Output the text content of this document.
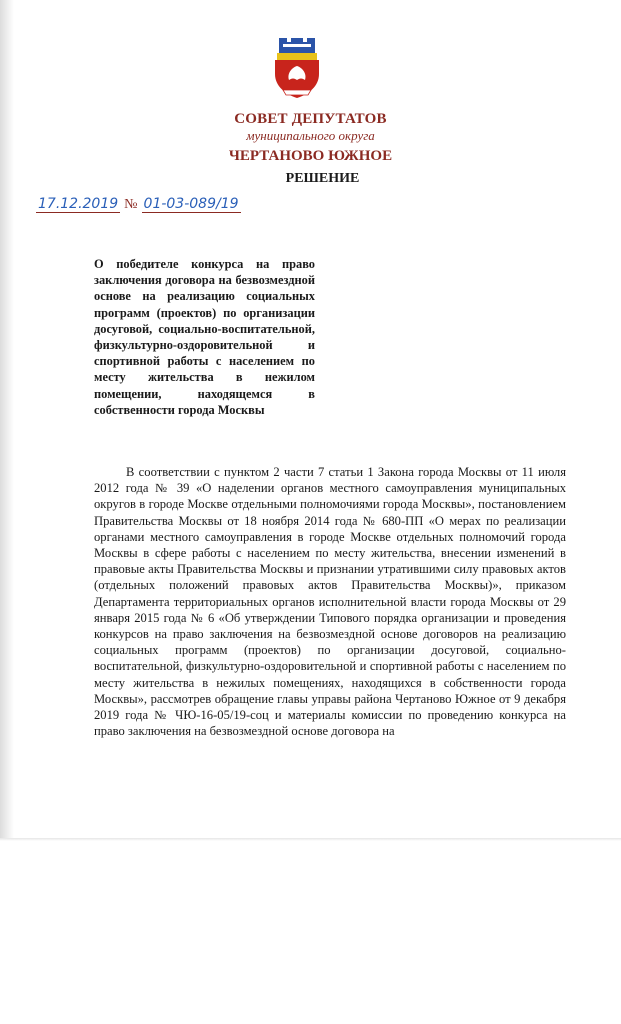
СОВЕТ ДЕПУТАТОВ
муниципального округа
ЧЕРТАНОВО ЮЖНОЕ
РЕШЕНИЕ
17.12.2019 № 01-03-089/19
О победителе конкурса на право заключения договора на безвозмездной основе на реализацию социальных программ (проектов) по организации досуговой, социально-воспитательной, физкультурно-оздоровительной и спортивной работы с населением по месту жительства в нежилом помещении, находящемся в собственности города Москвы
В соответствии с пунктом 2 части 7 статьи 1 Закона города Москвы от 11 июля 2012 года № 39 «О наделении органов местного самоуправления муниципальных округов в городе Москве отдельными полномочиями города Москвы», постановлением Правительства Москвы от 18 ноября 2014 года № 680-ПП «О мерах по реализации органами местного самоуправления в городе Москве отдельных полномочий города Москвы в сфере работы с населением по месту жительства, внесении изменений в правовые акты Правительства Москвы и признании утратившими силу правовых актов (отдельных положений правовых актов Правительства Москвы)», приказом Департамента территориальных органов исполнительной власти города Москвы от 29 января 2015 года № 6 «Об утверждении Типового порядка организации и проведения конкурсов на право заключения на безвозмездной основе договоров на реализацию социальных программ (проектов) по организации досуговой, социально-воспитательной, физкультурно-оздоровительной и спортивной работы с населением по месту жительства в нежилых помещениях, находящихся в собственности города Москвы», рассмотрев обращение главы управы района Чертаново Южное от 9 декабря 2019 года № ЧЮ-16-05/19-соц и материалы комиссии по проведению конкурса на право заключения на безвозмездной основе договора на
